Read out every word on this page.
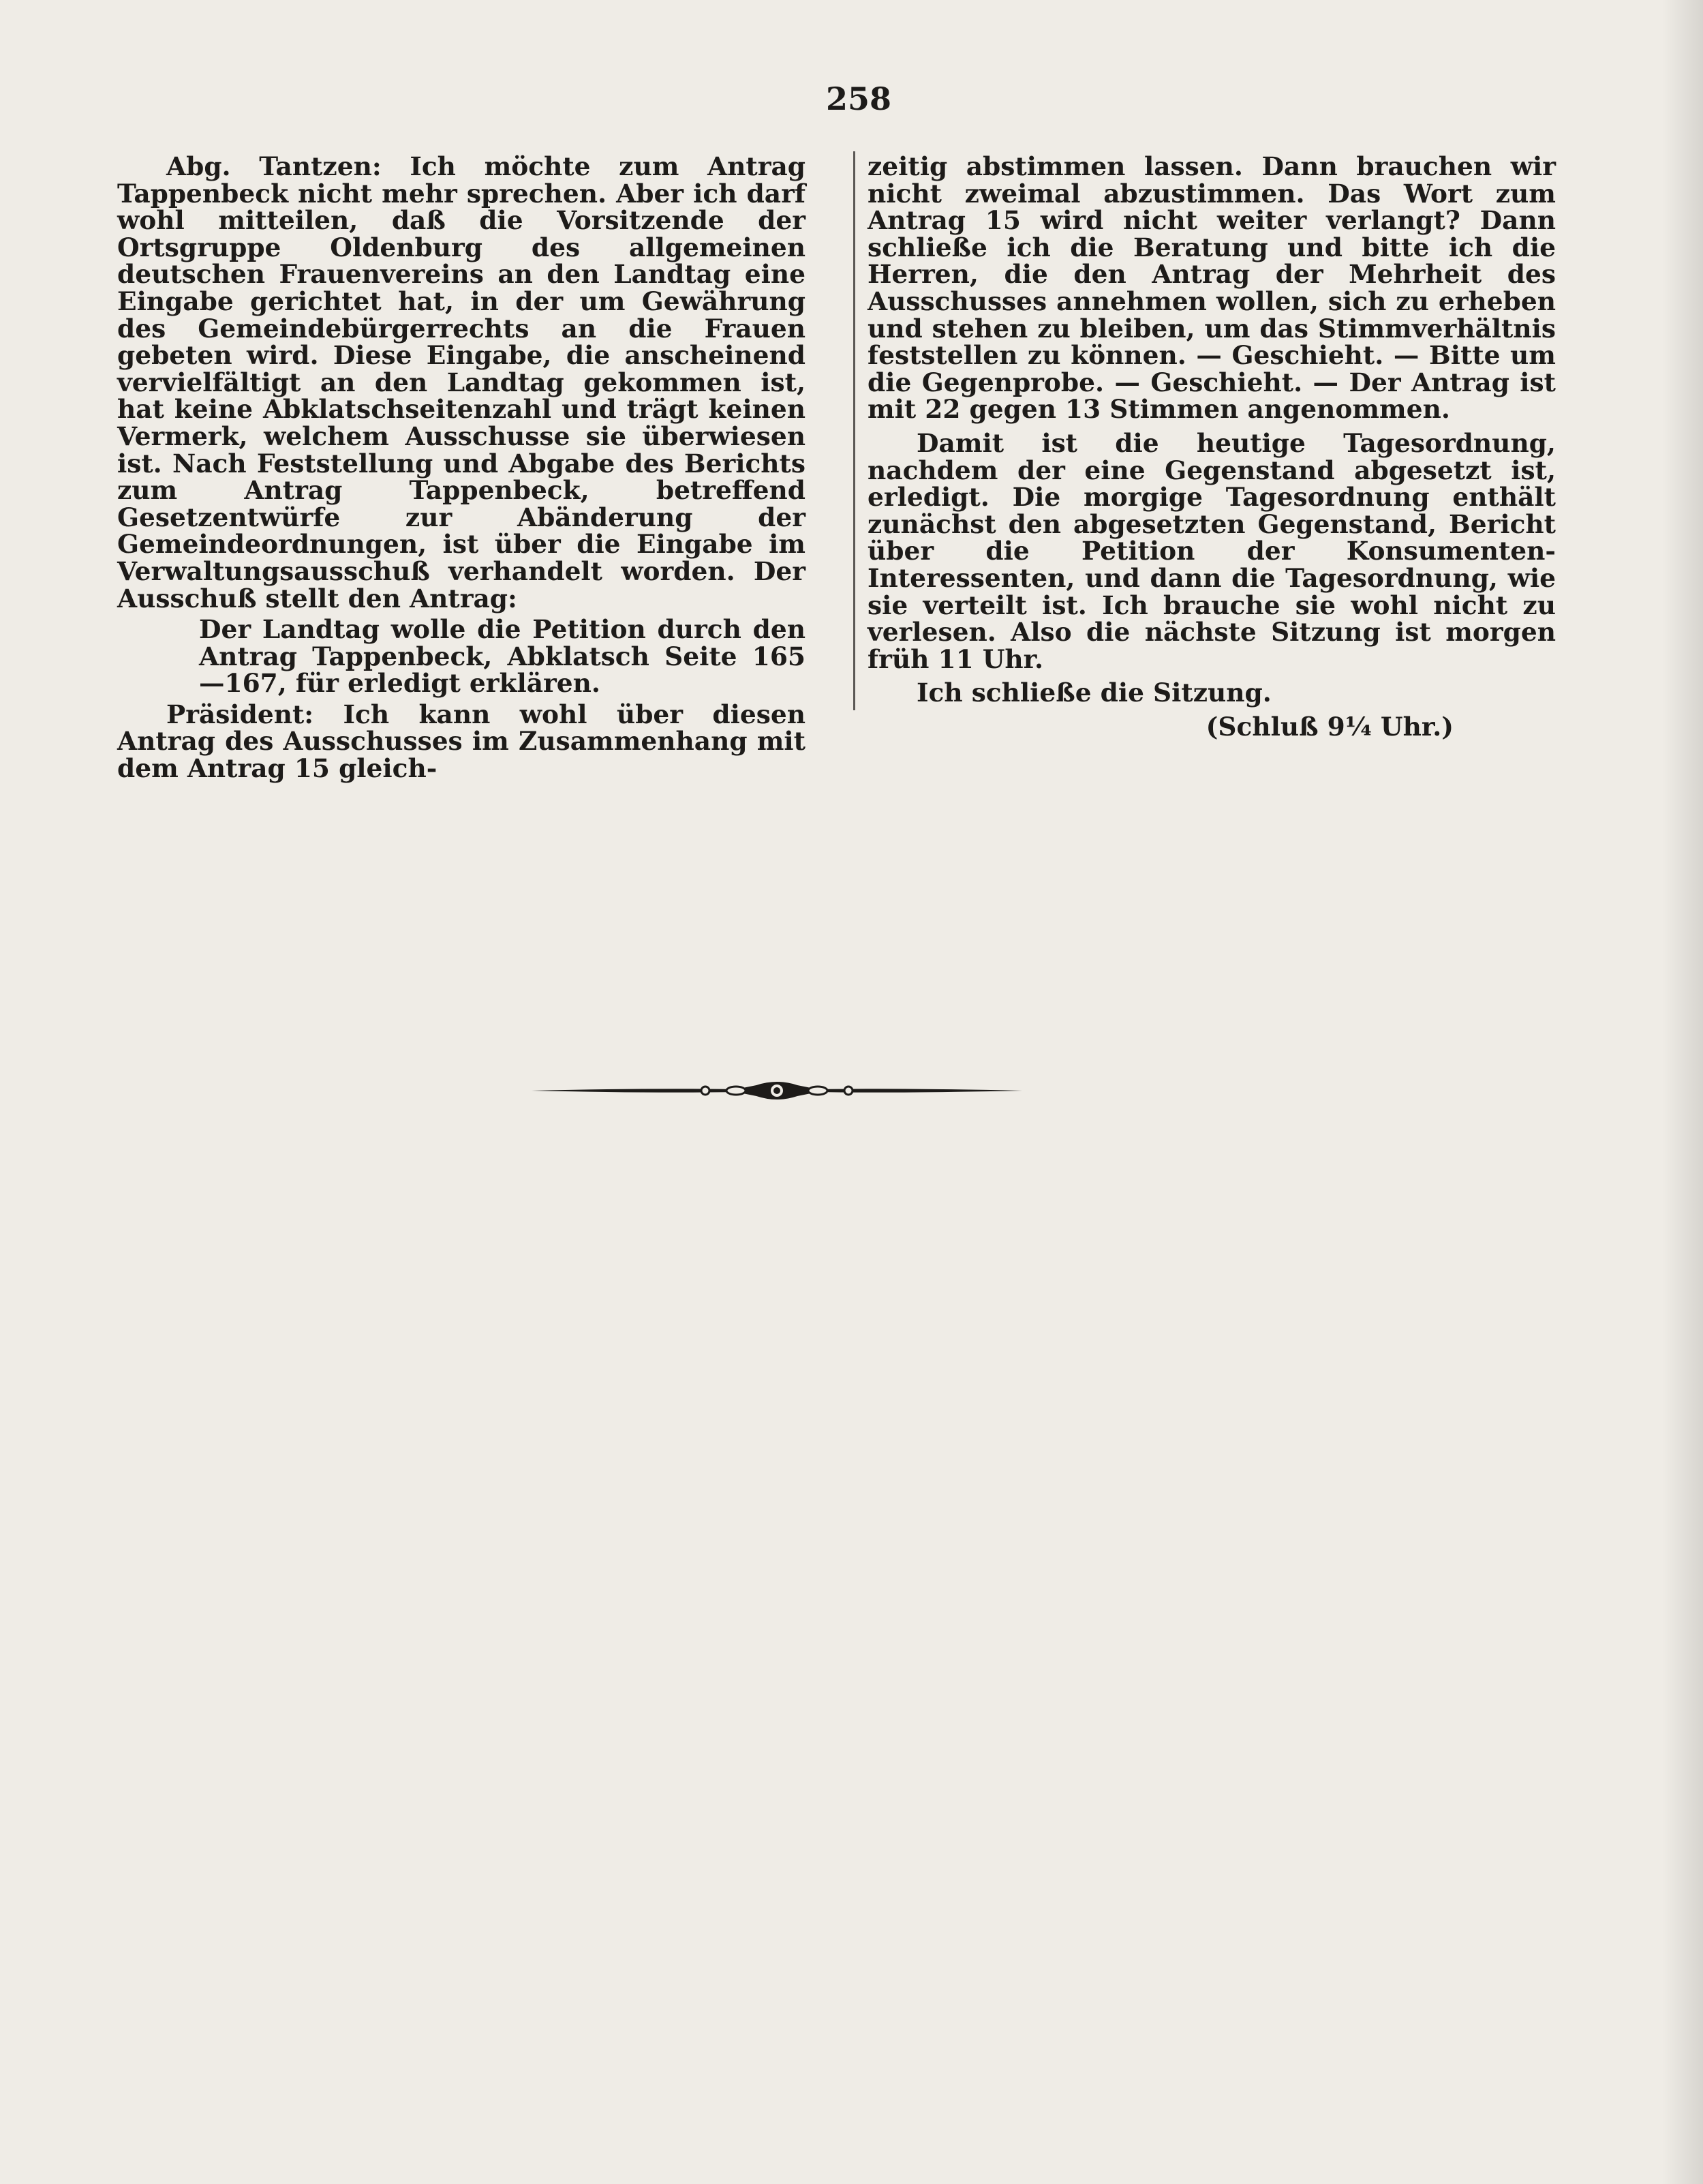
258

Abg. Tantzen: Ich möchte zum Antrag Tappenbeck nicht mehr sprechen. Aber ich darf wohl mitteilen, daß die Vorsitzende der Ortsgruppe Oldenburg des allgemeinen deutschen Frauenvereins an den Landtag eine Eingabe gerichtet hat, in der um Gewährung des Gemeindebürgerrechts an die Frauen gebeten wird. Diese Eingabe, die anscheinend vervielfältigt an den Landtag gekommen ist, hat keine Abklatschseitenzahl und trägt keinen Vermerk, welchem Ausschusse sie überwiesen ist. Nach Feststellung und Abgabe des Berichts zum Antrag Tappenbeck, betreffend Gesetzentwürfe zur Abänderung der Gemeindeordnungen, ist über die Eingabe im Verwaltungsausschuß verhandelt worden. Der Ausschuß stellt den Antrag:

Der Landtag wolle die Petition durch den Antrag Tappenbeck, Abklatsch Seite 165—167, für erledigt erklären.

Präsident: Ich kann wohl über diesen Antrag des Ausschusses im Zusammenhang mit dem Antrag 15 gleich-

zeitig abstimmen lassen. Dann brauchen wir nicht zweimal abzustimmen. Das Wort zum Antrag 15 wird nicht weiter verlangt? Dann schließe ich die Beratung und bitte ich die Herren, die den Antrag der Mehrheit des Ausschusses annehmen wollen, sich zu erheben und stehen zu bleiben, um das Stimmverhältnis feststellen zu können. — Geschieht. — Bitte um die Gegenprobe. — Geschieht. — Der Antrag ist mit 22 gegen 13 Stimmen angenommen.

Damit ist die heutige Tagesordnung, nachdem der eine Gegenstand abgesetzt ist, erledigt. Die morgige Tagesordnung enthält zunächst den abgesetzten Gegenstand, Bericht über die Petition der Konsumenten-Interessenten, und dann die Tagesordnung, wie sie verteilt ist. Ich brauche sie wohl nicht zu verlesen. Also die nächste Sitzung ist morgen früh 11 Uhr.

Ich schließe die Sitzung.

(Schluß 9¼ Uhr.)
